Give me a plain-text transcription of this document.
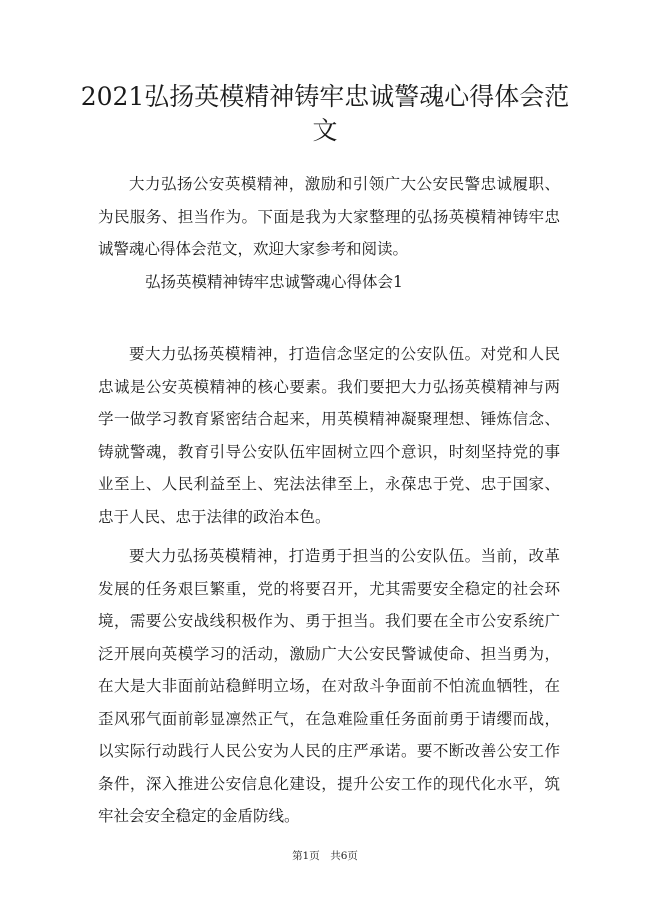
2021弘扬英模精神铸牢忠诚警魂心得体会范文

大力弘扬公安英模精神，激励和引领广大公安民警忠诚履职、为民服务、担当作为。下面是我为大家整理的弘扬英模精神铸牢忠诚警魂心得体会范文，欢迎大家参考和阅读。

弘扬英模精神铸牢忠诚警魂心得体会1

要大力弘扬英模精神，打造信念坚定的公安队伍。对党和人民忠诚是公安英模精神的核心要素。我们要把大力弘扬英模精神与两学一做学习教育紧密结合起来，用英模精神凝聚理想、锤炼信念、铸就警魂，教育引导公安队伍牢固树立四个意识，时刻坚持党的事业至上、人民利益至上、宪法法律至上，永葆忠于党、忠于国家、忠于人民、忠于法律的政治本色。

要大力弘扬英模精神，打造勇于担当的公安队伍。当前，改革发展的任务艰巨繁重，党的将要召开，尤其需要安全稳定的社会环境，需要公安战线积极作为、勇于担当。我们要在全市公安系统广泛开展向英模学习的活动，激励广大公安民警诚使命、担当勇为，在大是大非面前站稳鲜明立场，在对敌斗争面前不怕流血牺牲，在歪风邪气面前彰显凛然正气，在急难险重任务面前勇于请缨而战，以实际行动践行人民公安为人民的庄严承诺。要不断改善公安工作条件，深入推进公安信息化建设，提升公安工作的现代化水平，筑牢社会安全稳定的金盾防线。

第1页　共6页
